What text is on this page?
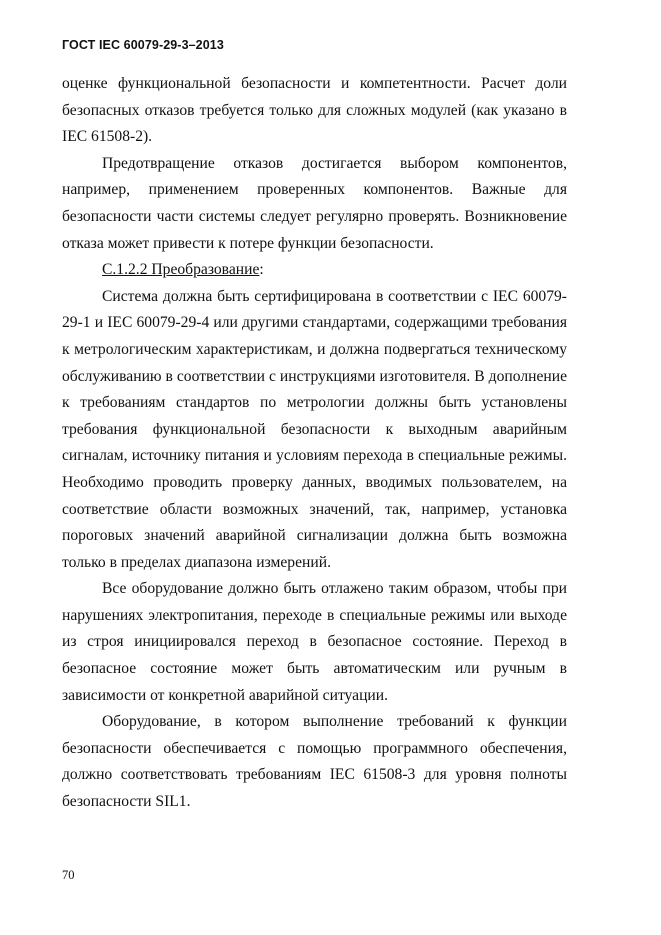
ГОСТ IEC 60079-29-3–2013

оценке функциональной безопасности и компетентности. Расчет доли безопасных отказов требуется только для сложных модулей (как указано в IEC 61508-2).

Предотвращение отказов достигается выбором компонентов, например, применением проверенных компонентов. Важные для безопасности части системы следует регулярно проверять. Возникновение отказа может привести к потере функции безопасности.

С.1.2.2 Преобразование:

Система должна быть сертифицирована в соответствии с IEC 60079-29-1 и IEC 60079-29-4 или другими стандартами, содержащими требования к метрологическим характеристикам, и должна подвергаться техническому обслуживанию в соответствии с инструкциями изготовителя. В дополнение к требованиям стандартов по метрологии должны быть установлены требования функциональной безопасности к выходным аварийным сигналам, источнику питания и условиям перехода в специальные режимы. Необходимо проводить проверку данных, вводимых пользователем, на соответствие области возможных значений, так, например, установка пороговых значений аварийной сигнализации должна быть возможна только в пределах диапазона измерений.

Все оборудование должно быть отлажено таким образом, чтобы при нарушениях электропитания, переходе в специальные режимы или выходе из строя инициировался переход в безопасное состояние. Переход в безопасное состояние может быть автоматическим или ручным в зависимости от конкретной аварийной ситуации.

Оборудование, в котором выполнение требований к функции безопасности обеспечивается с помощью программного обеспечения, должно соответствовать требованиям IEC 61508-3 для уровня полноты безопасности SIL1.

70
